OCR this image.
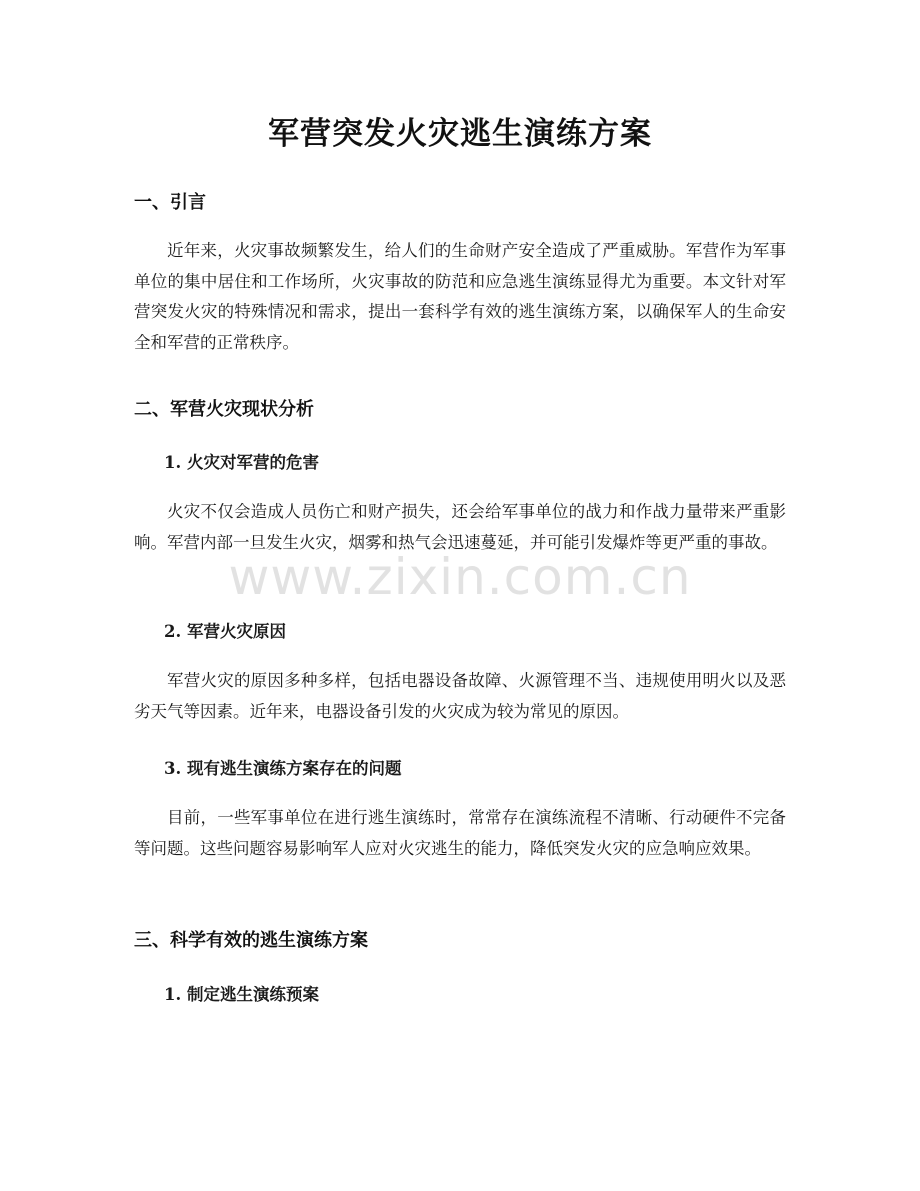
军营突发火灾逃生演练方案
一、引言

近年来，火灾事故频繁发生，给人们的生命财产安全造成了严重威胁。军营作为军事单位的集中居住和工作场所，火灾事故的防范和应急逃生演练显得尤为重要。本文针对军营突发火灾的特殊情况和需求，提出一套科学有效的逃生演练方案，以确保军人的生命安全和军营的正常秩序。

二、军营火灾现状分析
1. 火灾对军营的危害

火灾不仅会造成人员伤亡和财产损失，还会给军事单位的战力和作战力量带来严重影响。军营内部一旦发生火灾，烟雾和热气会迅速蔓延，并可能引发爆炸等更严重的事故。

2. 军营火灾原因

军营火灾的原因多种多样，包括电器设备故障、火源管理不当、违规使用明火以及恶劣天气等因素。近年来，电器设备引发的火灾成为较为常见的原因。

3. 现有逃生演练方案存在的问题

目前，一些军事单位在进行逃生演练时，常常存在演练流程不清晰、行动硬件不完备等问题。这些问题容易影响军人应对火灾逃生的能力，降低突发火灾的应急响应效果。

三、科学有效的逃生演练方案
1. 制定逃生演练预案
www.zixin.com.cn
